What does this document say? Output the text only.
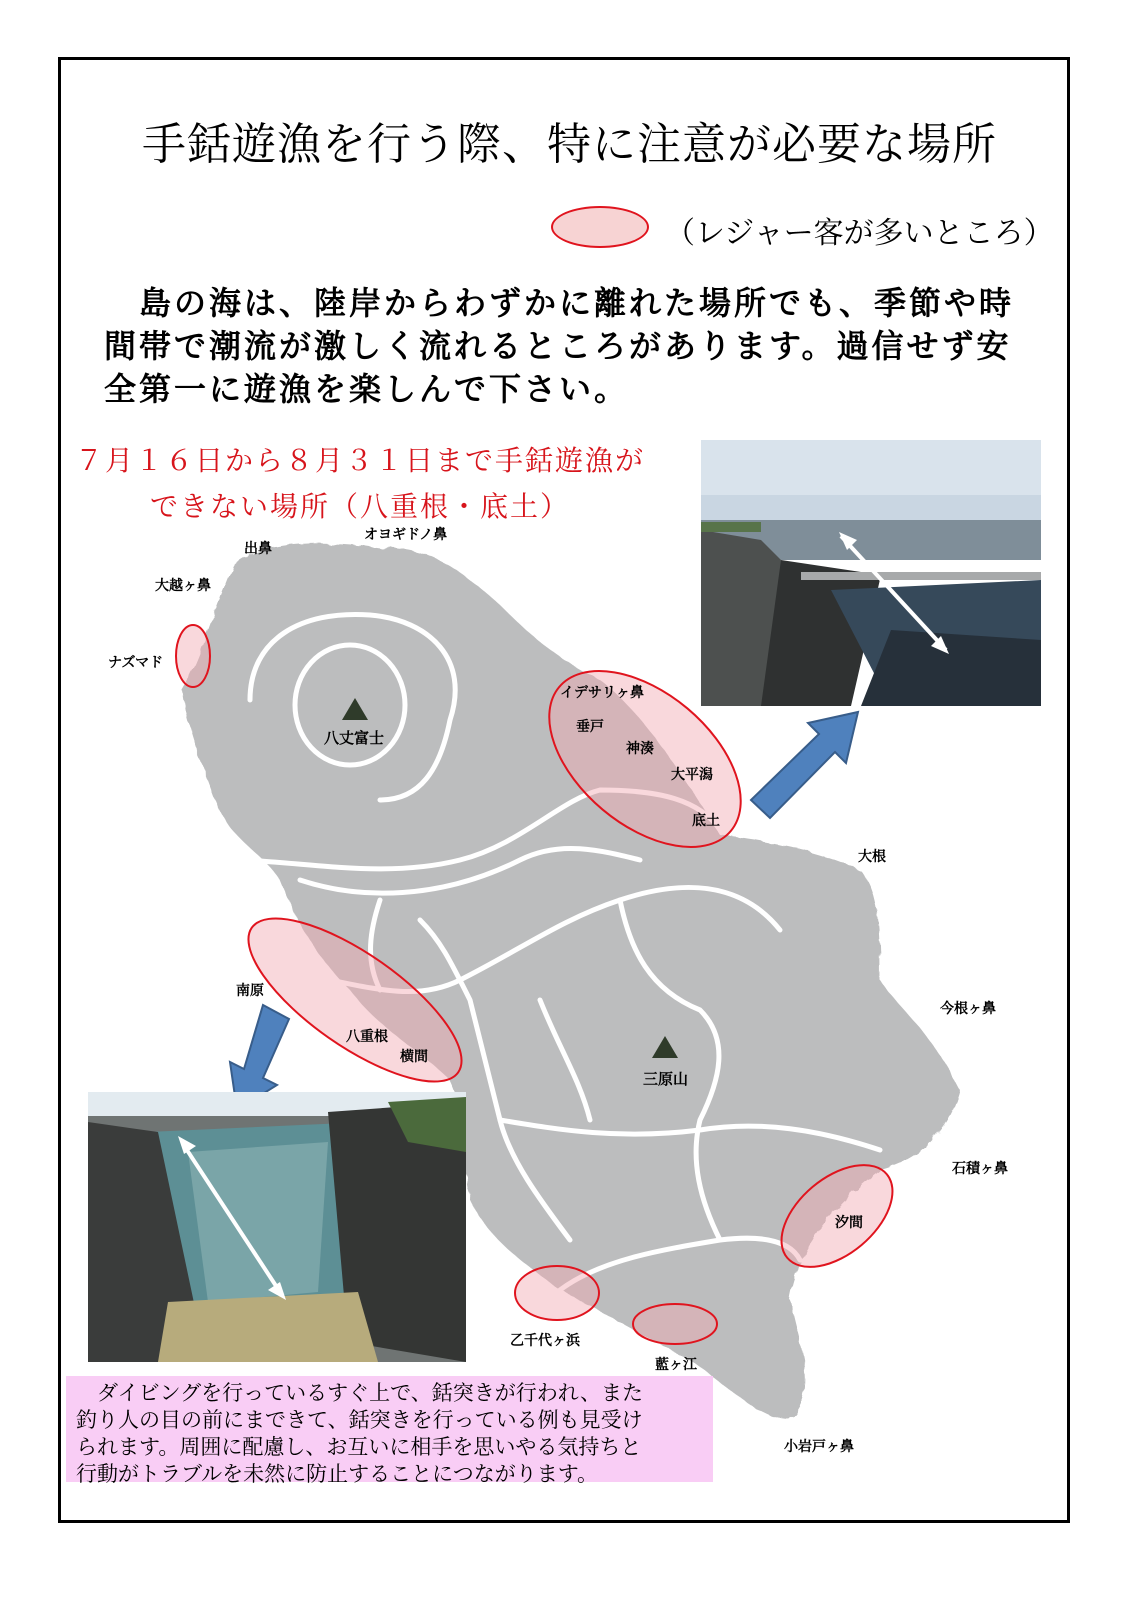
手銛遊漁を行う際、特に注意が必要な場所
（レジャー客が多いところ）
　島の海は、陸岸からわずかに離れた場所でも、季節や時
間帯で潮流が激しく流れるところがあります。過信せず安
全第一に遊漁を楽しんで下さい。
７月１６日から８月３１日まで手銛遊漁が
できない場所（八重根・底土）
出鼻
オヨギドノ鼻
大越ヶ鼻
ナズマド
八丈富士
イデサリヶ鼻
垂戸
神湊
大平潟
底土
大根
南原
八重根
横間
今根ヶ鼻
三原山
石積ヶ鼻
汐間
乙千代ヶ浜
藍ヶ江
小岩戸ヶ鼻
　ダイビングを行っているすぐ上で、銛突きが行われ、また
釣り人の目の前にまできて、銛突きを行っている例も見受け
られます。周囲に配慮し、お互いに相手を思いやる気持ちと
行動がトラブルを未然に防止することにつながります。
